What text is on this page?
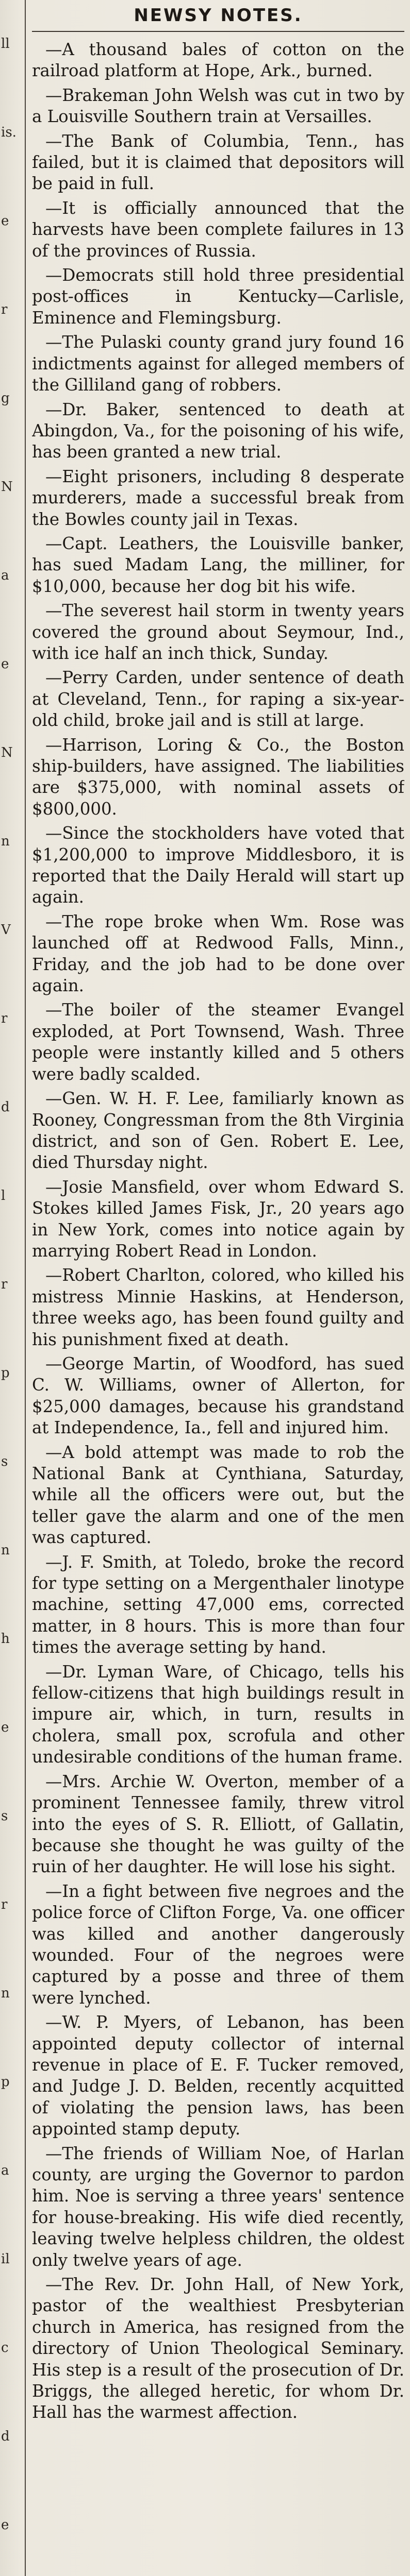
ll
is.
e
r
g
N
a
e
N
n
V
r
d
l
r
p
s
n
h
e
s
r
n
p
a
il
c
d
e
NEWSY NOTES.

—A thousand bales of cotton on the railroad platform at Hope, Ark., burned.

—Brakeman John Welsh was cut in two by a Louisville Southern train at Versailles.

—The Bank of Columbia, Tenn., has failed, but it is claimed that depositors will be paid in full.

—It is officially announced that the harvests have been complete failures in 13 of the provinces of Russia.

—Democrats still hold three presidential post-offices in Kentucky—Carlisle, Eminence and Flemingsburg.

—The Pulaski county grand jury found 16 indictments against for alleged members of the Gilliland gang of robbers.

—Dr. Baker, sentenced to death at Abingdon, Va., for the poisoning of his wife, has been granted a new trial.

—Eight prisoners, including 8 desperate murderers, made a successful break from the Bowles county jail in Texas.

—Capt. Leathers, the Louisville banker, has sued Madam Lang, the milliner, for $10,000, because her dog bit his wife.

—The severest hail storm in twenty years covered the ground about Seymour, Ind., with ice half an inch thick, Sunday.

—Perry Carden, under sentence of death at Cleveland, Tenn., for raping a six-year-old child, broke jail and is still at large.

—Harrison, Loring & Co., the Boston ship-builders, have assigned. The liabilities are $375,000, with nominal assets of $800,000.

—Since the stockholders have voted that $1,200,000 to improve Middlesboro, it is reported that the Daily Herald will start up again.

—The rope broke when Wm. Rose was launched off at Redwood Falls, Minn., Friday, and the job had to be done over again.

—The boiler of the steamer Evangel exploded, at Port Townsend, Wash. Three people were instantly killed and 5 others were badly scalded.

—Gen. W. H. F. Lee, familiarly known as Rooney, Congressman from the 8th Virginia district, and son of Gen. Robert E. Lee, died Thursday night.

—Josie Mansfield, over whom Edward S. Stokes killed James Fisk, Jr., 20 years ago in New York, comes into notice again by marrying Robert Read in London.

—Robert Charlton, colored, who killed his mistress Minnie Haskins, at Henderson, three weeks ago, has been found guilty and his punishment fixed at death.

—George Martin, of Woodford, has sued C. W. Williams, owner of Allerton, for $25,000 damages, because his grandstand at Independence, Ia., fell and injured him.

—A bold attempt was made to rob the National Bank at Cynthiana, Saturday, while all the officers were out, but the teller gave the alarm and one of the men was captured.

—J. F. Smith, at Toledo, broke the record for type setting on a Mergenthaler linotype machine, setting 47,000 ems, corrected matter, in 8 hours. This is more than four times the average setting by hand.

—Dr. Lyman Ware, of Chicago, tells his fellow-citizens that high buildings result in impure air, which, in turn, results in cholera, small pox, scrofula and other undesirable conditions of the human frame.

—Mrs. Archie W. Overton, member of a prominent Tennessee family, threw vitrol into the eyes of S. R. Elliott, of Gallatin, because she thought he was guilty of the ruin of her daughter. He will lose his sight.

—In a fight between five negroes and the police force of Clifton Forge, Va. one officer was killed and another dangerously wounded. Four of the negroes were captured by a posse and three of them were lynched.

—W. P. Myers, of Lebanon, has been appointed deputy collector of internal revenue in place of E. F. Tucker removed, and Judge J. D. Belden, recently acquitted of violating the pension laws, has been appointed stamp deputy.

—The friends of William Noe, of Harlan county, are urging the Governor to pardon him. Noe is serving a three years' sentence for house-breaking. His wife died recently, leaving twelve helpless children, the oldest only twelve years of age.

—The Rev. Dr. John Hall, of New York, pastor of the wealthiest Presbyterian church in America, has resigned from the directory of Union Theological Seminary. His step is a result of the prosecution of Dr. Briggs, the alleged heretic, for whom Dr. Hall has the warmest affection.
